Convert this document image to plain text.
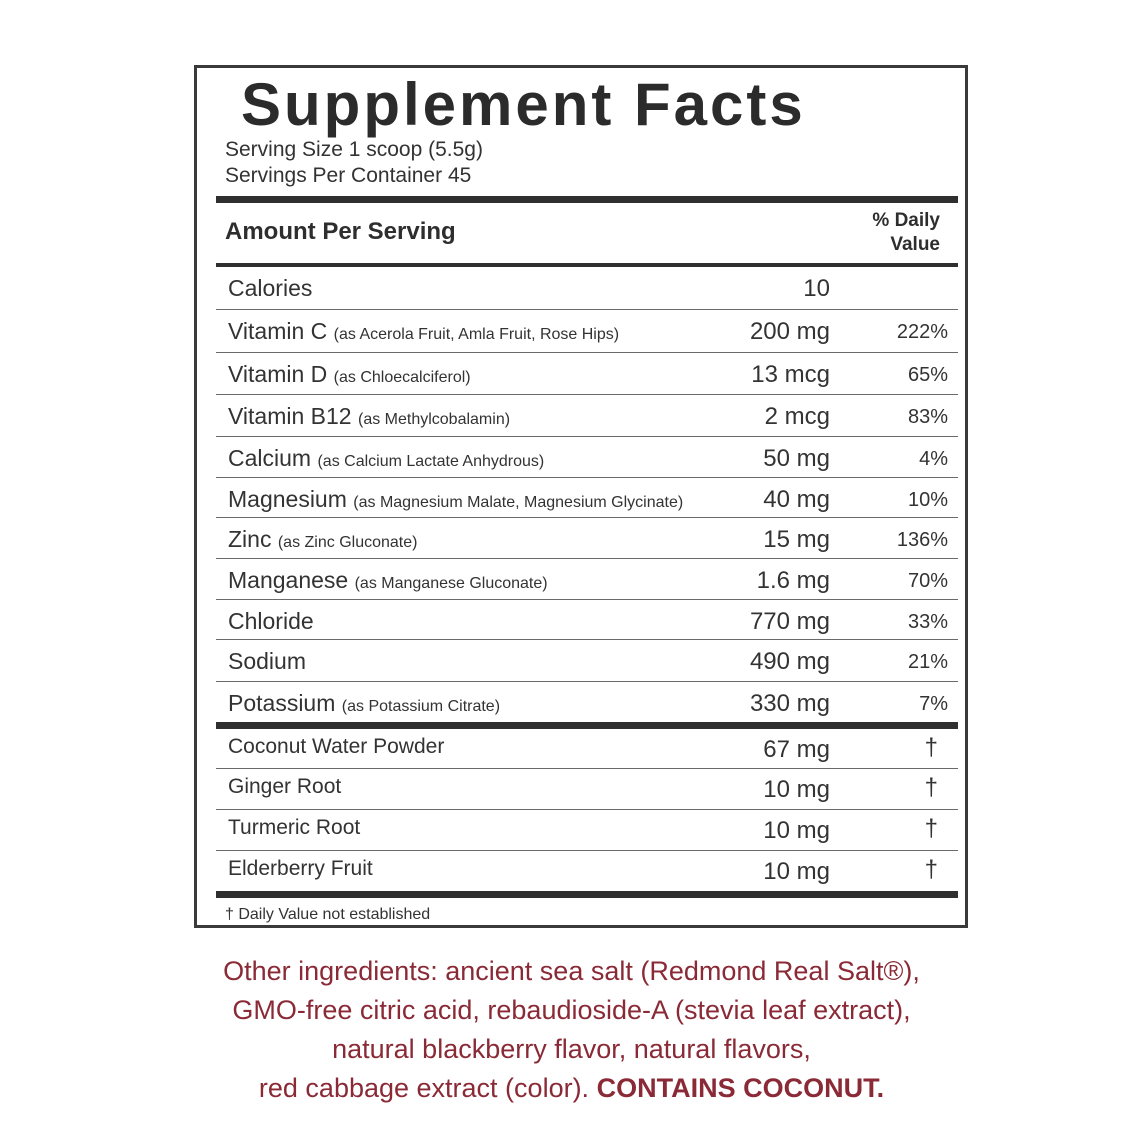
Supplement Facts
Serving Size 1 scoop (5.5g)
Servings Per Container 45
Amount Per Serving	% Daily
Value
Calories	10
Vitamin C (as Acerola Fruit, Amla Fruit, Rose Hips)	200 mg	222%
Vitamin D (as Chloecalciferol)	13 mcg	65%
Vitamin B12 (as Methylcobalamin)	2 mcg	83%
Calcium (as Calcium Lactate Anhydrous)	50 mg	4%
Magnesium (as Magnesium Malate, Magnesium Glycinate)	40 mg	10%
Zinc (as Zinc Gluconate)	15 mg	136%
Manganese (as Manganese Gluconate)	1.6 mg	70%
Chloride	770 mg	33%
Sodium	490 mg	21%
Potassium (as Potassium Citrate)	330 mg	7%
Coconut Water Powder	67 mg	†
Ginger Root	10 mg	†
Turmeric Root	10 mg	†
Elderberry Fruit	10 mg	†
† Daily Value not established
Other ingredients: ancient sea salt (Redmond Real Salt®),
GMO-free citric acid, rebaudioside-A (stevia leaf extract),
natural blackberry flavor, natural flavors,
red cabbage extract (color). CONTAINS COCONUT.
